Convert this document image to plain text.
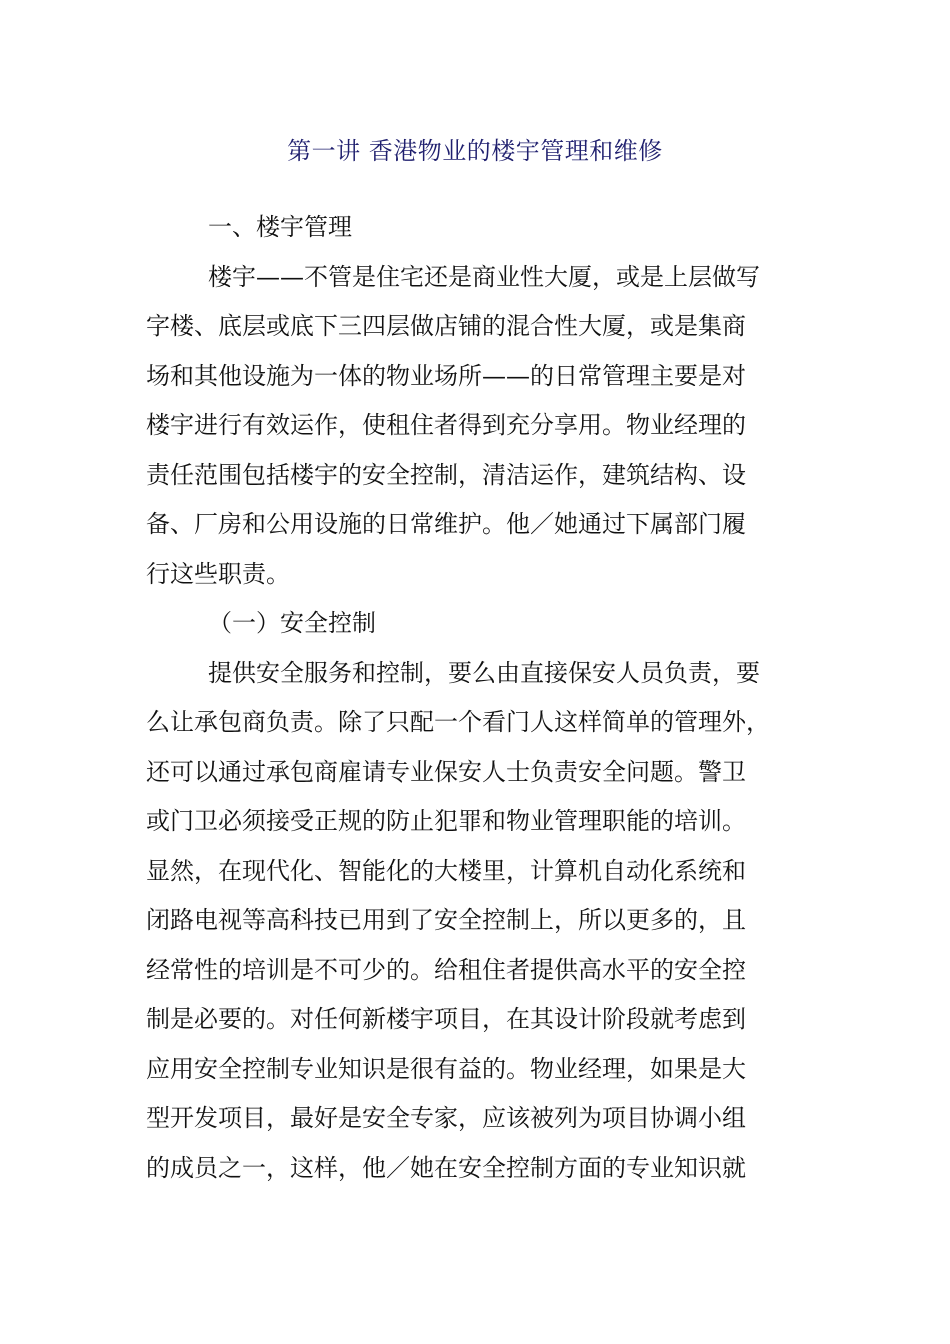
第一讲 香港物业的楼宇管理和维修
一、楼宇管理
楼宇——不管是住宅还是商业性大厦，或是上层做写
字楼、底层或底下三四层做店铺的混合性大厦，或是集商
场和其他设施为一体的物业场所——的日常管理主要是对
楼宇进行有效运作，使租住者得到充分享用。物业经理的
责任范围包括楼宇的安全控制，清洁运作，建筑结构、设
备、厂房和公用设施的日常维护。他／她通过下属部门履
行这些职责。
（一）安全控制
提供安全服务和控制，要么由直接保安人员负责，要
么让承包商负责。除了只配一个看门人这样简单的管理外，
还可以通过承包商雇请专业保安人士负责安全问题。警卫
或门卫必须接受正规的防止犯罪和物业管理职能的培训。
显然，在现代化、智能化的大楼里，计算机自动化系统和
闭路电视等高科技已用到了安全控制上，所以更多的，且
经常性的培训是不可少的。给租住者提供高水平的安全控
制是必要的。对任何新楼宇项目，在其设计阶段就考虑到
应用安全控制专业知识是很有益的。物业经理，如果是大
型开发项目，最好是安全专家，应该被列为项目协调小组
的成员之一，这样，他／她在安全控制方面的专业知识就
